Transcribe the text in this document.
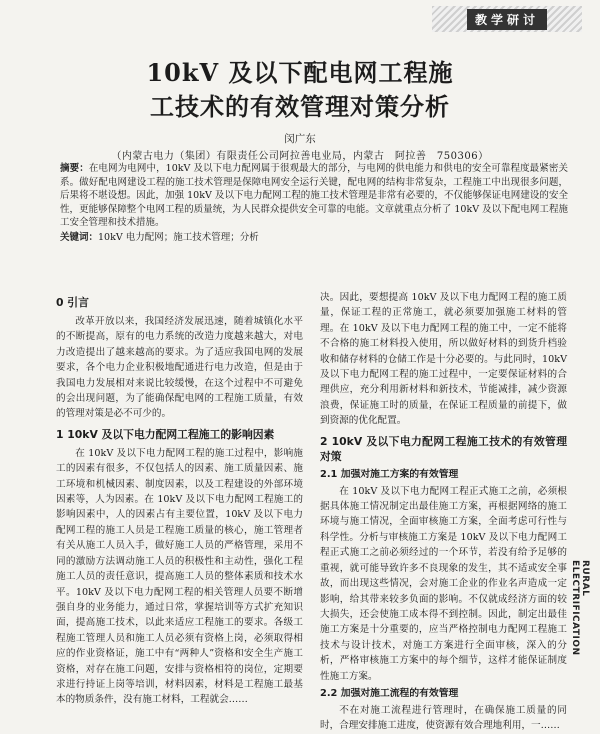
教学研讨
10kV 及以下配电网工程施
工技术的有效管理对策分析
闵广东
（内蒙古电力（集团）有限责任公司阿拉善电业局，内蒙古　阿拉善　750306）
摘要：在电网为电网中，10kV 及以下电力配网属于很观最大的部分，与电网的供电能力和供电的安全可靠程度最紧密关系。做好配电网建设工程的施工技术管理是保障电网安全运行关键，配电网的结构非常复杂，工程施工中出现很多问题，后果将不堪设想。因此，加强 10kV 及以下电力配网工程的施工技术管理是非常有必要的，不仅能够保证电网建设的安全性，更能够保障整个电网工程的质量统，为人民群众提供安全可靠的电能。文章就重点分析了 10kV 及以下配电网工程施工安全管理和技术措施。
关键词：10kV 电力配网；施工技术管理；分析
0 引言

改革开放以来，我国经济发展迅速，随着城镇化水平的不断提高，原有的电力系统的改造力度越来越大，对电力改造提出了越来越高的要求。为了适应我国电网的发展要求，各个电力企业积极地配通进行电力改造，但是由于我国电力发展相对来说比较缓慢，在这个过程中不可避免的会出现问题，为了能确保配电网的工程施工质量，有效的管理对策是必不可少的。

1 10kV 及以下电力配网工程施工的影响因素

在 10kV 及以下电力配网工程的施工过程中，影响施工的因素有很多，不仅包括人的因素、施工质量因素、施工环境和机械因素、制度因素，以及工程建设的外部环境因素等，人为因素。在 10kV 及以下电力配网工程施工的影响因素中，人的因素占有主要位置，10kV 及以下电力配网工程的施工人员是工程施工质量的核心，施工管理者有关从施工人员入手，做好施工人员的严格管理，采用不同的激励方法调动施工人员的积极性和主动性，强化工程施工人员的责任意识，提高施工人员的整体素质和技术水平。10kV 及以下电力配网工程的相关管理人员要不断增强自身的业务能力，通过日常，掌握培训等方式扩充知识面，提高施工技术，以此来适应工程施工的要求。各级工程施工管理人员和施工人员必须有资格上岗，必须取得相应的作业资格证，施工中有“两种人”资格和安全生产施工资格，对存在施工问题，安排与资格相符的岗位，定期要求进行持证上岗等培训，材料因素，材料是工程施工最基本的物质条件，没有施工材料，工程就会……

决。因此，要想提高 10kV 及以下电力配网工程的施工质量，保证工程的正常施工，就必须要加强施工材料的管理。在 10kV 及以下电力配网工程的施工中，一定不能将不合格的施工材料投入使用，所以做好材料的到货升档验收和储存材料的仓储工作是十分必要的。与此同时，10kV 及以下电力配网工程的施工过程中，一定要保证材料的合理供应，充分利用新材料和新技术，节能减排，减少资源浪费，保证施工时的质量，在保证工程质量的前提下，做到资源的优化配置。

2 10kV 及以下电力配网工程施工技术的有效管理对策
2.1 加强对施工方案的有效管理

在 10kV 及以下电力配网工程正式施工之前，必须根据具体施工情况制定出最佳施工方案，再根据网络的施工环境与施工情况，全面审核施工方案，全面考虑可行性与科学性。分析与审核施工方案是 10kV 及以下电力配网工程正式施工之前必须经过的一个环节，若没有给予足够的重视，就可能导致许多不良现象的发生，其不适或安全事故，而出现这些情况，会对施工企业的作业名声造成一定影响，给其带来较多负面的影响。不仅就成经济方面的较大损失，还会使施工成本得不到控制。因此，制定出最佳施工方案是十分重要的，应当严格控制电力配网工程施工技术与设计技术，对施工方案进行全面审核，深入的分析，严格审核施工方案中的每个细节，这样才能保证制度性施工方案。

2.2 加强对施工流程的有效管理

不在对施工流程进行管理时，在确保施工质量的同时，合理安排施工进度，使资源有效合理地利用，一……

RURAL ELECTRIFICATION
